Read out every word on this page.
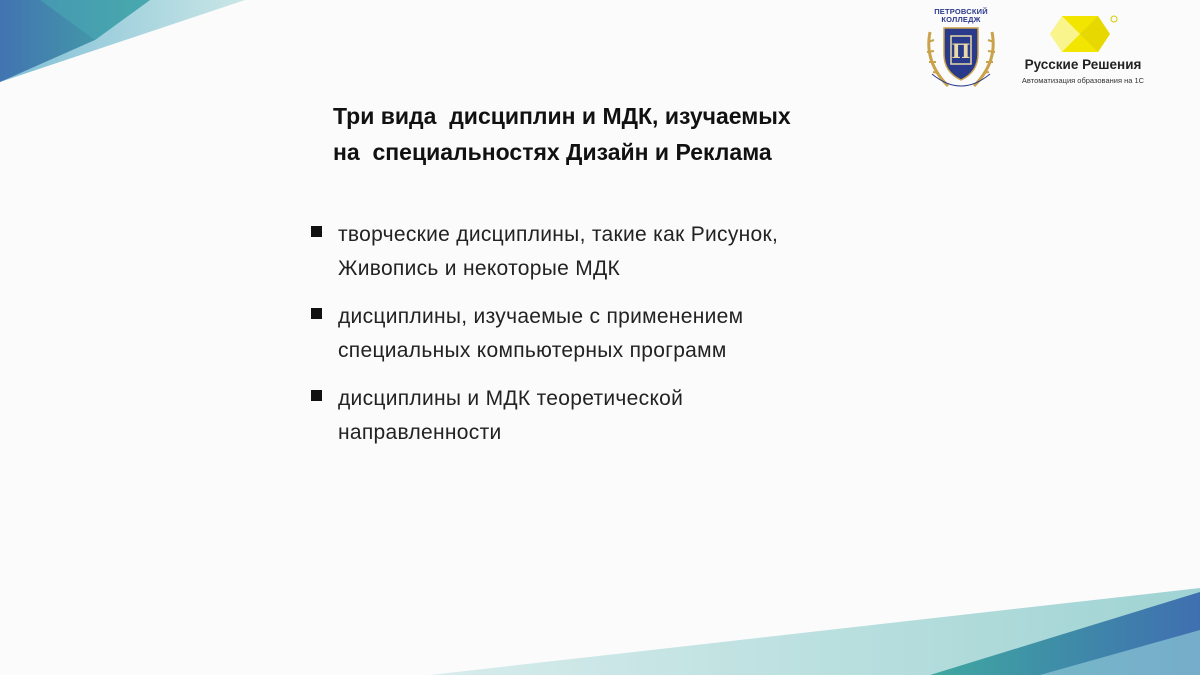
ПЕТРОВСКИЙ
КОЛЛЕДЖ
П
Русские Решения
Автоматизация образования на 1С
Три вида  дисциплин и МДК, изучаемых
на  специальностях Дизайн и Реклама
творческие дисциплины, такие как Рисунок,
Живопись и некоторые МДК
дисциплины, изучаемые с применением
специальных компьютерных программ
дисциплины и МДК теоретической
направленности
